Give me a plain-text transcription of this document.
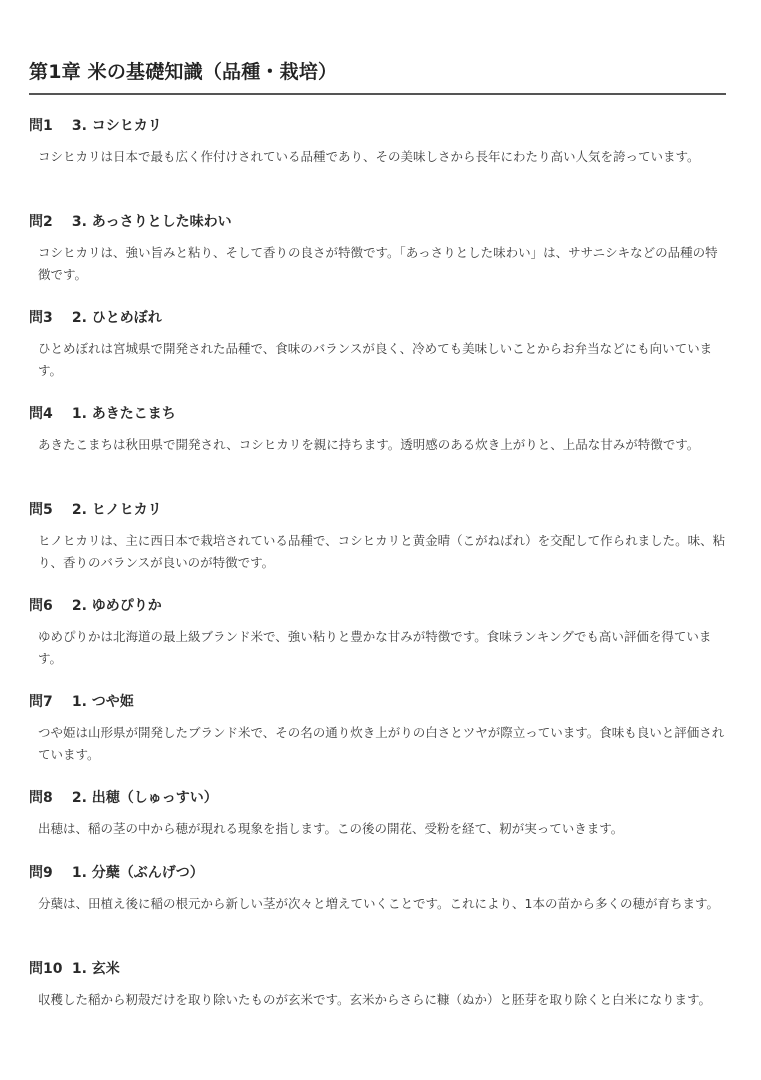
第1章 米の基礎知識（品種・栽培）
問1 3. コシヒカリ
コシヒカリは日本で最も広く作付けされている品種であり、その美味しさから長年にわたり高い人気を誇っています。
問2 3. あっさりとした味わい
コシヒカリは、強い旨みと粘り、そして香りの良さが特徴です。「あっさりとした味わい」は、ササニシキなどの品種の特徴です。
問3 2. ひとめぼれ
ひとめぼれは宮城県で開発された品種で、食味のバランスが良く、冷めても美味しいことからお弁当などにも向いています。
問4 1. あきたこまち
あきたこまちは秋田県で開発され、コシヒカリを親に持ちます。透明感のある炊き上がりと、上品な甘みが特徴です。
問5 2. ヒノヒカリ
ヒノヒカリは、主に西日本で栽培されている品種で、コシヒカリと黄金晴（こがねばれ）を交配して作られました。味、粘り、香りのバランスが良いのが特徴です。
問6 2. ゆめぴりか
ゆめぴりかは北海道の最上級ブランド米で、強い粘りと豊かな甘みが特徴です。食味ランキングでも高い評価を得ています。
問7 1. つや姫
つや姫は山形県が開発したブランド米で、その名の通り炊き上がりの白さとツヤが際立っています。食味も良いと評価されています。
問8 2. 出穂（しゅっすい）
出穂は、稲の茎の中から穂が現れる現象を指します。この後の開花、受粉を経て、籾が実っていきます。
問9 1. 分蘖（ぶんげつ）
分蘖は、田植え後に稲の根元から新しい茎が次々と増えていくことです。これにより、1本の苗から多くの穂が育ちます。
問10 1. 玄米
収穫した稲から籾殻だけを取り除いたものが玄米です。玄米からさらに糠（ぬか）と胚芽を取り除くと白米になります。
